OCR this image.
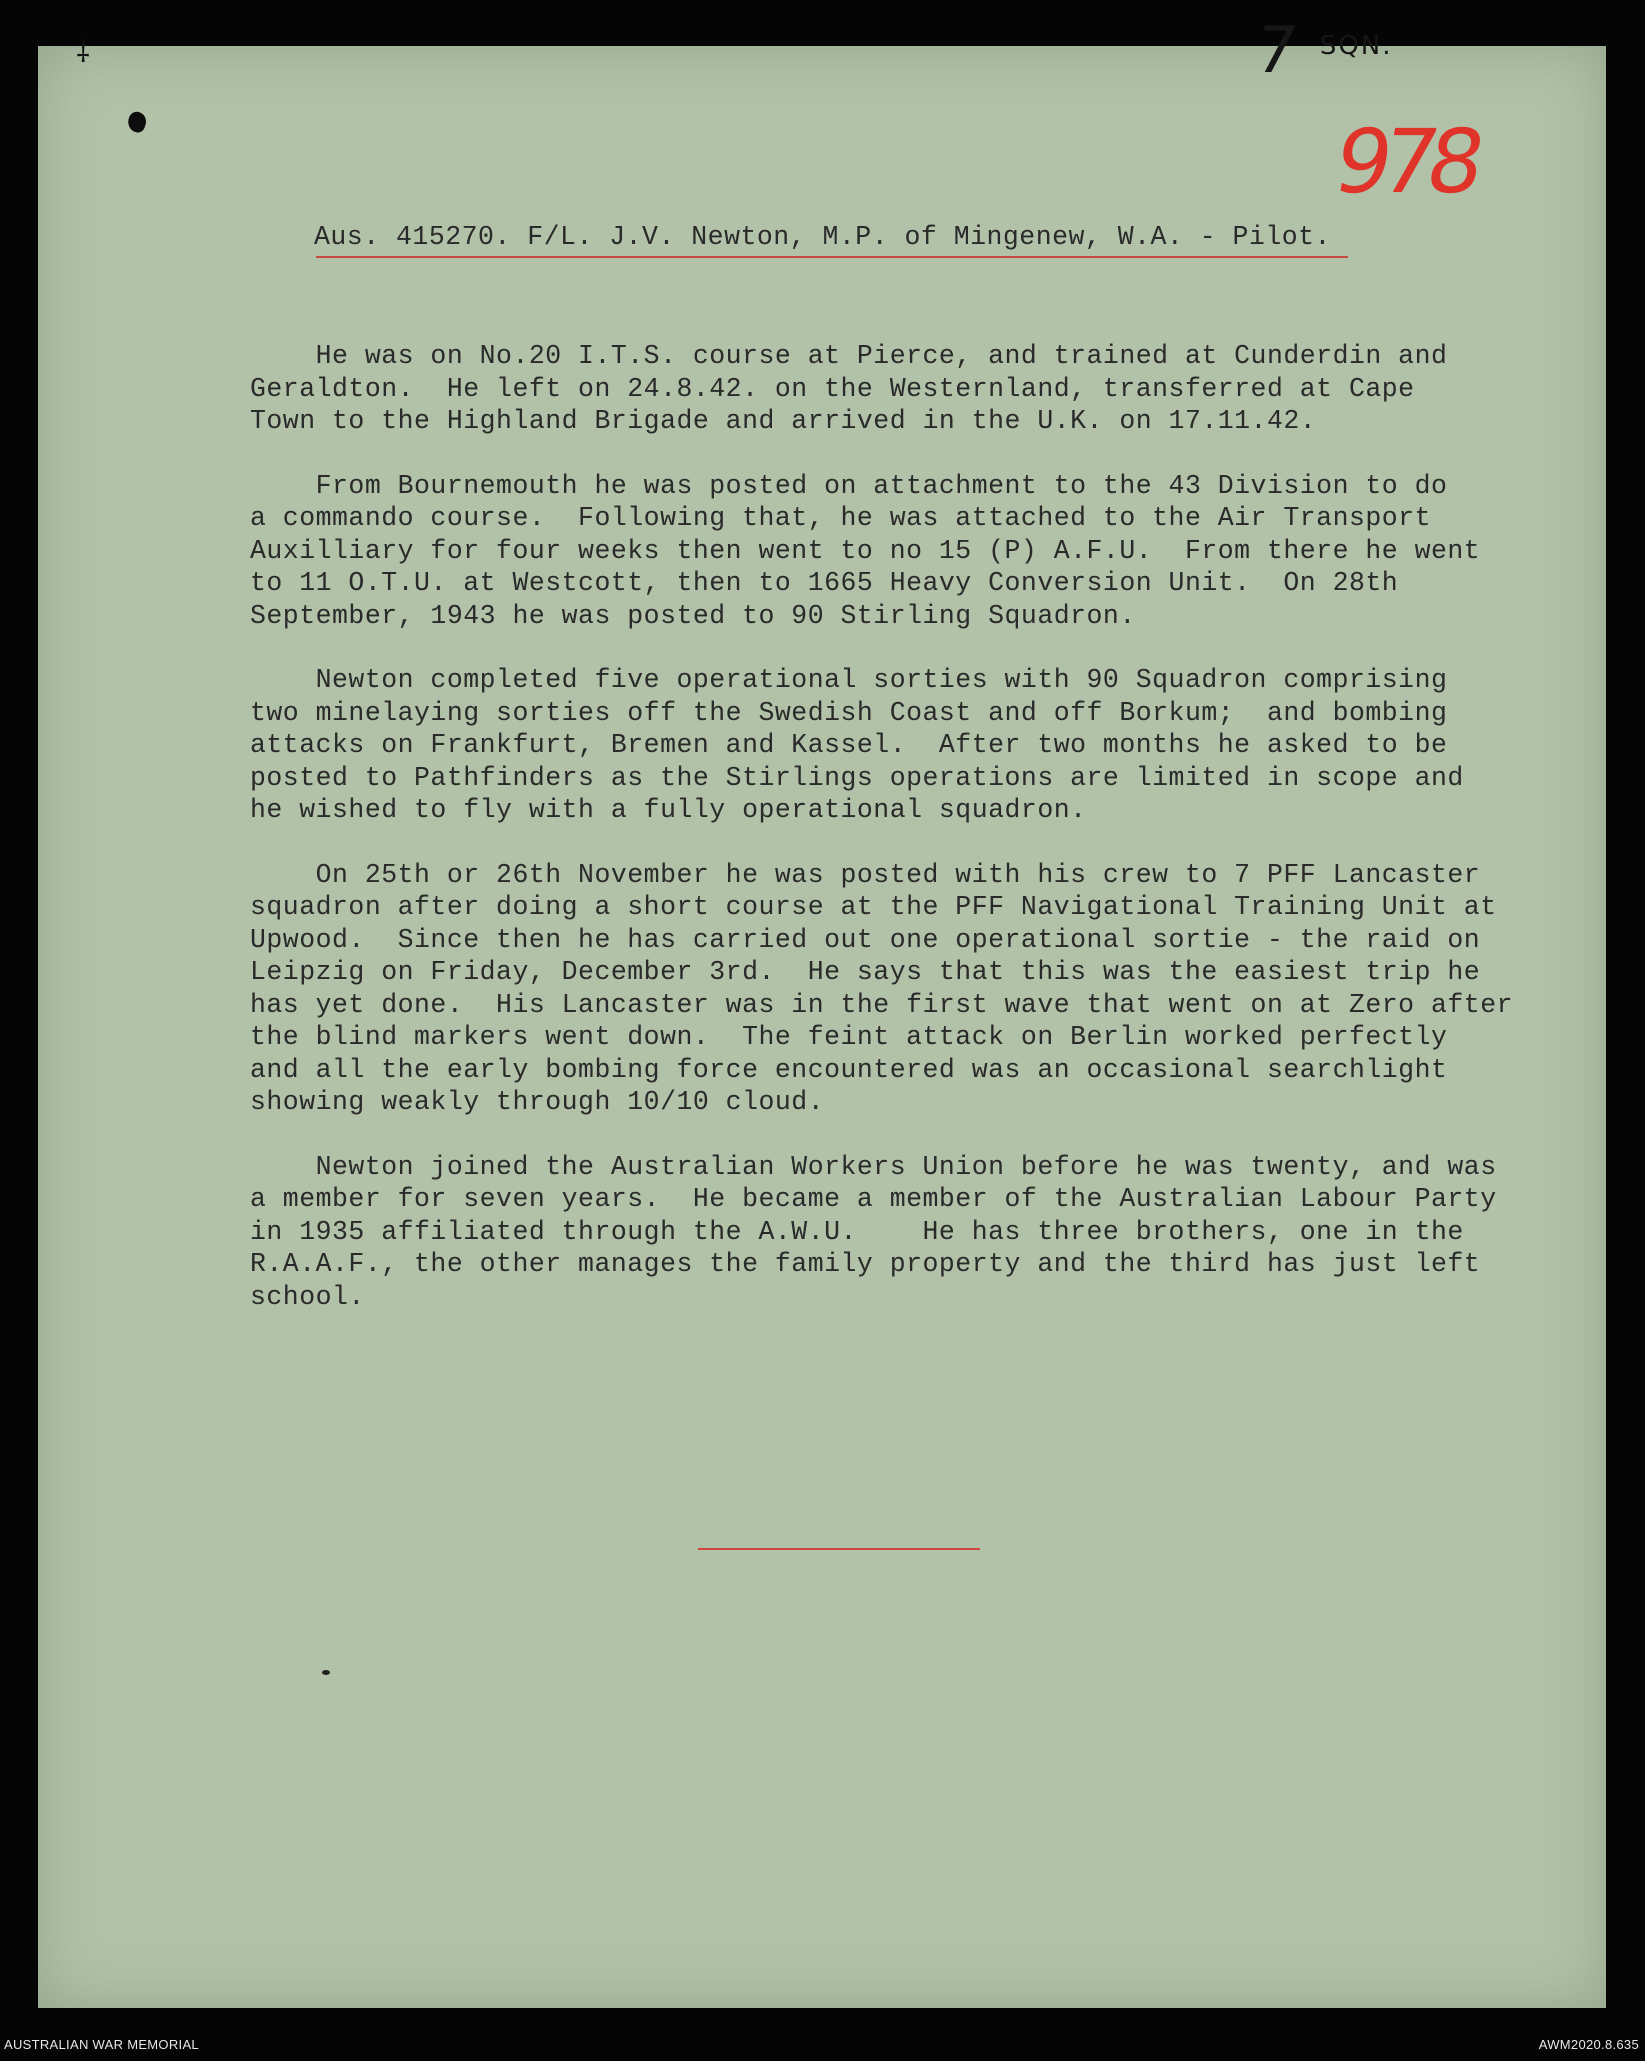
⸸	7 SQN.
978
Aus. 415270. F/L. J.V. Newton, M.P. of Mingenew, W.A. - Pilot.
He was on No.20 I.T.S. course at Pierce, and trained at Cunderdin and
Geraldton.  He left on 24.8.42. on the Westernland, transferred at Cape
Town to the Highland Brigade and arrived in the U.K. on 17.11.42.
From Bournemouth he was posted on attachment to the 43 Division to do
a commando course.  Following that, he was attached to the Air Transport
Auxilliary for four weeks then went to no 15 (P) A.F.U.  From there he went
to 11 O.T.U. at Westcott, then to 1665 Heavy Conversion Unit.  On 28th
September, 1943 he was posted to 90 Stirling Squadron.
Newton completed five operational sorties with 90 Squadron comprising
two minelaying sorties off the Swedish Coast and off Borkum;  and bombing
attacks on Frankfurt, Bremen and Kassel.  After two months he asked to be
posted to Pathfinders as the Stirlings operations are limited in scope and
he wished to fly with a fully operational squadron.
On 25th or 26th November he was posted with his crew to 7 PFF Lancaster
squadron after doing a short course at the PFF Navigational Training Unit at
Upwood.  Since then he has carried out one operational sortie - the raid on
Leipzig on Friday, December 3rd.  He says that this was the easiest trip he
has yet done.  His Lancaster was in the first wave that went on at Zero after
the blind markers went down.  The feint attack on Berlin worked perfectly
and all the early bombing force encountered was an occasional searchlight
showing weakly through 10/10 cloud.
Newton joined the Australian Workers Union before he was twenty, and was
a member for seven years.  He became a member of the Australian Labour Party
in 1935 affiliated through the A.W.U.    He has three brothers, one in the
R.A.A.F., the other manages the family property and the third has just left
school.
AUSTRALIAN WAR MEMORIAL	AWM2020.8.635
